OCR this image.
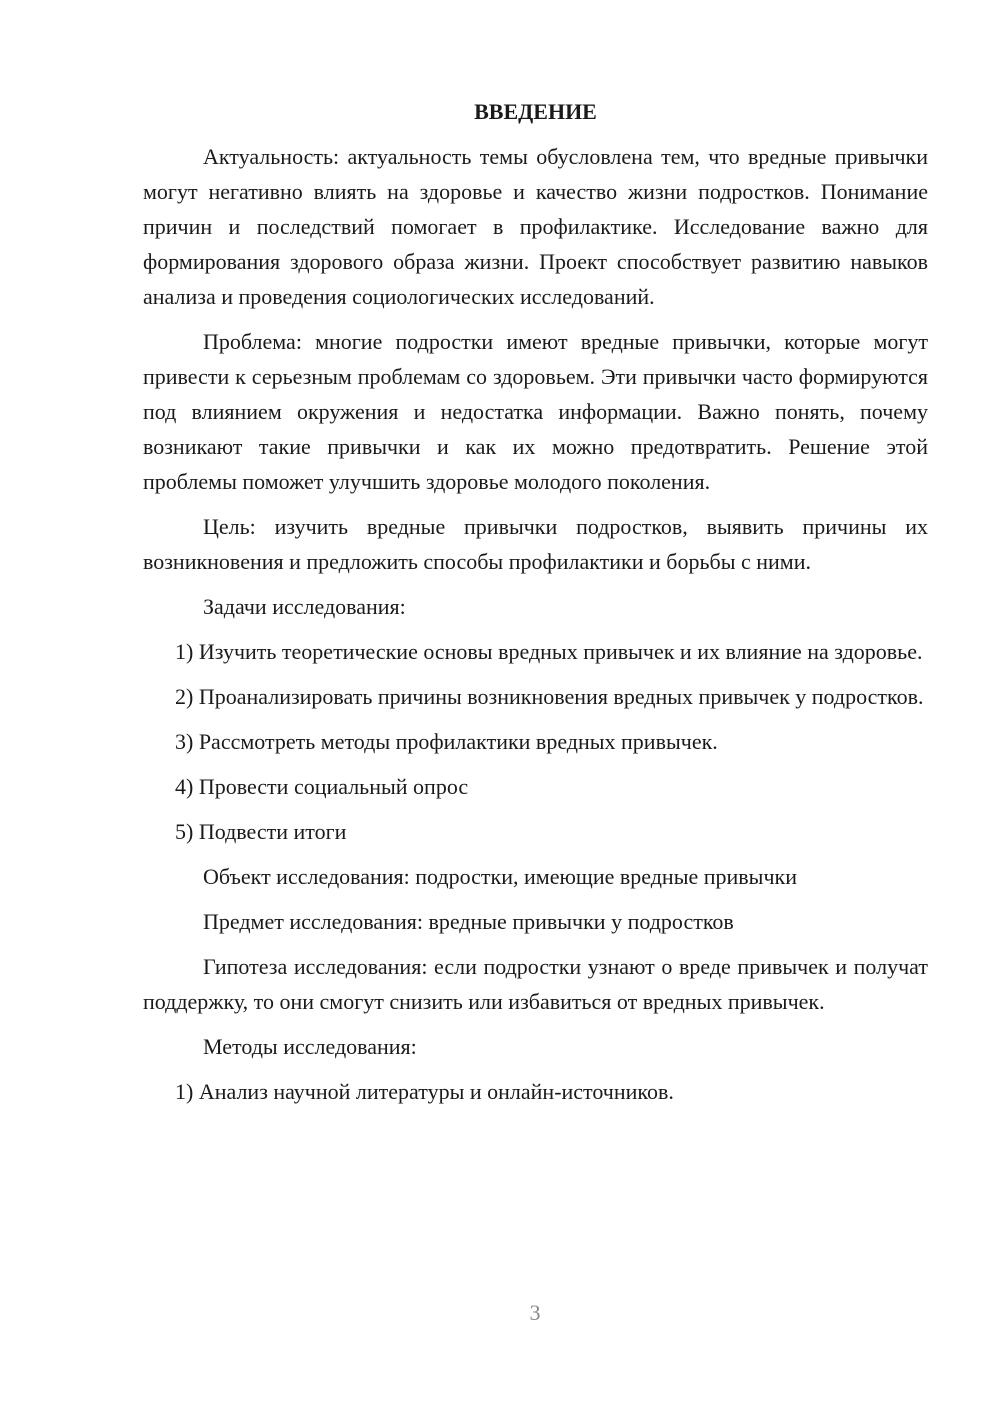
ВВЕДЕНИЕ

Актуальность: актуальность темы обусловлена тем, что вредные привычки могут негативно влиять на здоровье и качество жизни подростков. Понимание причин и последствий помогает в профилактике. Исследование важно для формирования здорового образа жизни. Проект способствует развитию навыков анализа и проведения социологических исследований.

Проблема: многие подростки имеют вредные привычки, которые могут привести к серьезным проблемам со здоровьем. Эти привычки часто формируются под влиянием окружения и недостатка информации. Важно понять, почему возникают такие привычки и как их можно предотвратить. Решение этой проблемы поможет улучшить здоровье молодого поколения.

Цель: изучить вредные привычки подростков, выявить причины их возникновения и предложить способы профилактики и борьбы с ними.

Задачи исследования:

1) Изучить теоретические основы вредных привычек и их влияние на здоровье.

2) Проанализировать причины возникновения вредных привычек у подростков.

3) Рассмотреть методы профилактики вредных привычек.

4) Провести социальный опрос

5) Подвести итоги

Объект исследования: подростки, имеющие вредные привычки

Предмет исследования: вредные привычки у подростков

Гипотеза исследования: если подростки узнают о вреде привычек и получат поддержку, то они смогут снизить или избавиться от вредных привычек.

Методы исследования:

1) Анализ научной литературы и онлайн-источников.

3
